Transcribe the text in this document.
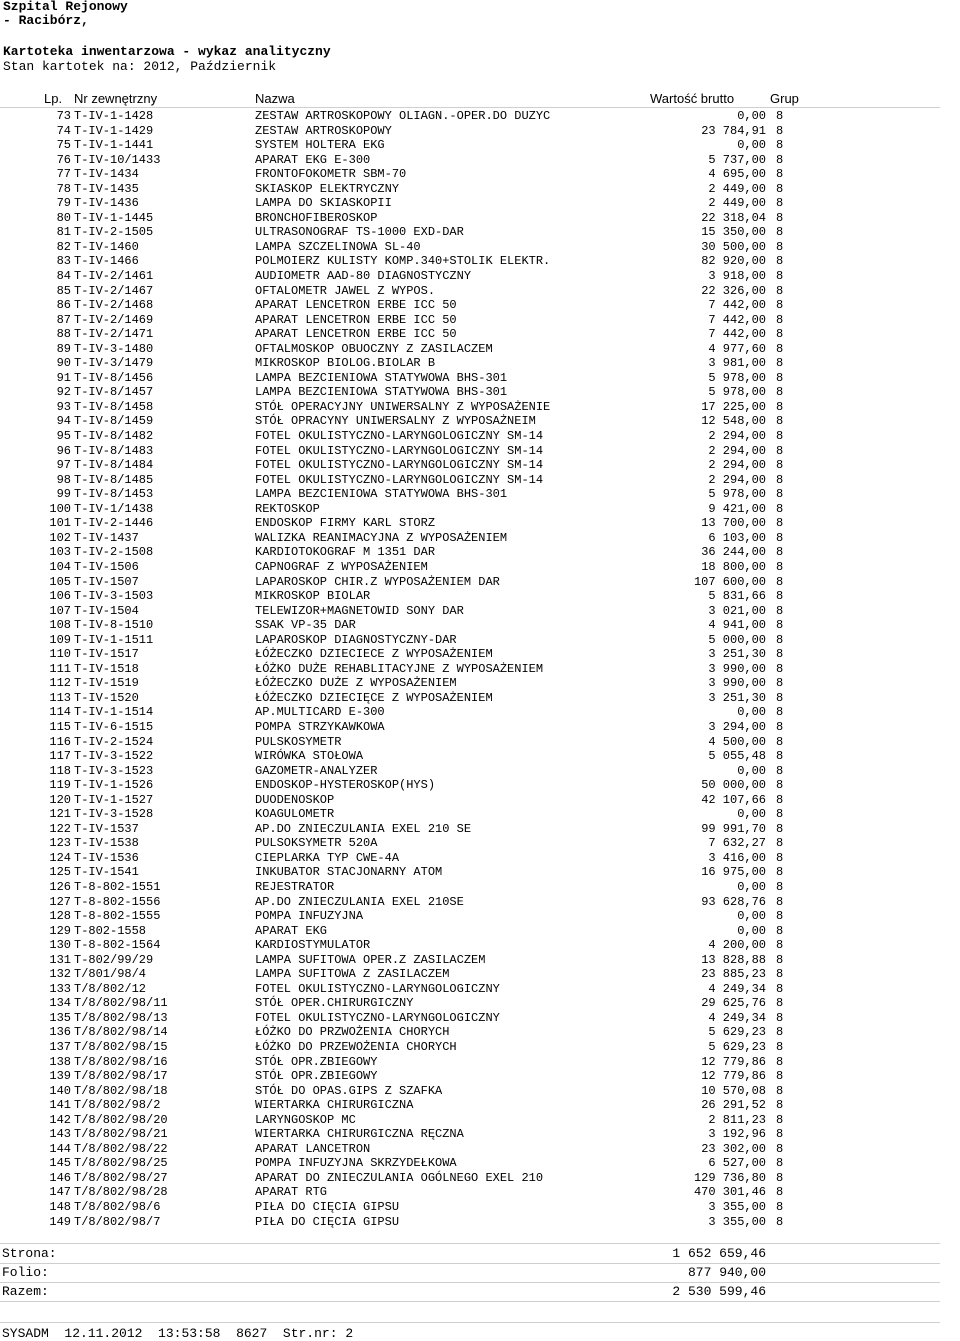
Szpital Rejonowy
- Racibórz,
Kartoteka inwentarzowa - wykaz analityczny
Stan kartotek na: 2012, Październik
Lp. Nr zewnętrzny	Nazwa	Wartość brutto	Grup
73 T-IV-1-1428	ZESTAW ARTROSKOPOWY OLIAGN.-OPER.DO DUZYC	0,00 8
74 T-IV-1-1429	ZESTAW ARTROSKOPOWY	23 784,91 8
75 T-IV-1-1441	SYSTEM HOLTERA EKG	0,00 8
76 T-IV-10/1433	APARAT EKG E-300	5 737,00 8
77 T-IV-1434	FRONTOFOKOMETR SBM-70	4 695,00 8
78 T-IV-1435	SKIASKOP ELEKTRYCZNY	2 449,00 8
79 T-IV-1436	LAMPA DO SKIASKOPII	2 449,00 8
80 T-IV-1-1445	BRONCHOFIBEROSKOP	22 318,04 8
81 T-IV-2-1505	ULTRASONOGRAF TS-1000 EXD-DAR	15 350,00 8
82 T-IV-1460	LAMPA SZCZELINOWA SL-40	30 500,00 8
83 T-IV-1466	POLMOIERZ KULISTY KOMP.340+STOLIK ELEKTR.	82 920,00 8
84 T-IV-2/1461	AUDIOMETR AAD-80 DIAGNOSTYCZNY	3 918,00 8
85 T-IV-2/1467	OFTALOMETR JAWEL Z WYPOS.	22 326,00 8
86 T-IV-2/1468	APARAT LENCETRON ERBE ICC 50	7 442,00 8
87 T-IV-2/1469	APARAT LENCETRON ERBE ICC 50	7 442,00 8
88 T-IV-2/1471	APARAT LENCETRON ERBE ICC 50	7 442,00 8
89 T-IV-3-1480	OFTALMOSKOP OBUOCZNY Z ZASILACZEM	4 977,60 8
90 T-IV-3/1479	MIKROSKOP BIOLOG.BIOLAR B	3 981,00 8
91 T-IV-8/1456	LAMPA BEZCIENIOWA STATYWOWA BHS-301	5 978,00 8
92 T-IV-8/1457	LAMPA BEZCIENIOWA STATYWOWA BHS-301	5 978,00 8
93 T-IV-8/1458	STÓŁ OPERACYJNY UNIWERSALNY Z WYPOSAŻENIE	17 225,00 8
94 T-IV-8/1459	STÓŁ OPRACYNY UNIWERSALNY Z WYPOSAŻNEIM	12 548,00 8
95 T-IV-8/1482	FOTEL OKULISTYCZNO-LARYNGOLOGICZNY SM-14	2 294,00 8
96 T-IV-8/1483	FOTEL OKULISTYCZNO-LARYNGOLOGICZNY SM-14	2 294,00 8
97 T-IV-8/1484	FOTEL OKULISTYCZNO-LARYNGOLOGICZNY SM-14	2 294,00 8
98 T-IV-8/1485	FOTEL OKULISTYCZNO-LARYNGOLOGICZNY SM-14	2 294,00 8
99 T-IV-8/1453	LAMPA BEZCIENIOWA STATYWOWA BHS-301	5 978,00 8
100 T-IV-1/1438	REKTOSKOP	9 421,00 8
101 T-IV-2-1446	ENDOSKOP FIRMY KARL STORZ	13 700,00 8
102 T-IV-1437	WALIZKA REANIMACYJNA Z WYPOSAŻENIEM	6 103,00 8
103 T-IV-2-1508	KARDIOTOKOGRAF M 1351 DAR	36 244,00 8
104 T-IV-1506	CAPNOGRAF Z WYPOSAŻENIEM	18 800,00 8
105 T-IV-1507	LAPAROSKOP CHIR.Z WYPOSAŻENIEM DAR	107 600,00 8
106 T-IV-3-1503	MIKROSKOP BIOLAR	5 831,66 8
107 T-IV-1504	TELEWIZOR+MAGNETOWID SONY DAR	3 021,00 8
108 T-IV-8-1510	SSAK VP-35 DAR	4 941,00 8
109 T-IV-1-1511	LAPAROSKOP DIAGNOSTYCZNY-DAR	5 000,00 8
110 T-IV-1517	ŁÓŻECZKO DZIECIECE Z WYPOSAŻENIEM	3 251,30 8
111 T-IV-1518	ŁÓŻKO DUŻE REHABLITACYJNE Z WYPOSAŻENIEM	3 990,00 8
112 T-IV-1519	ŁÓŻECZKO DUŻE Z WYPOSAŻENIEM	3 990,00 8
113 T-IV-1520	ŁÓŻECZKO DZIECIĘCE Z WYPOSAŻENIEM	3 251,30 8
114 T-IV-1-1514	AP.MULTICARD E-300	0,00 8
115 T-IV-6-1515	POMPA STRZYKAWKOWA	3 294,00 8
116 T-IV-2-1524	PULSKOSYMETR	4 500,00 8
117 T-IV-3-1522	WIRÓWKA STOŁOWA	5 055,48 8
118 T-IV-3-1523	GAZOMETR-ANALYZER	0,00 8
119 T-IV-1-1526	ENDOSKOP-HYSTEROSKOP(HYS)	50 000,00 8
120 T-IV-1-1527	DUODENOSKOP	42 107,66 8
121 T-IV-3-1528	KOAGULOMETR	0,00 8
122 T-IV-1537	AP.DO ZNIECZULANIA EXEL 210 SE	99 991,70 8
123 T-IV-1538	PULSOKSYMETR 520A	7 632,27 8
124 T-IV-1536	CIEPLARKA TYP CWE-4A	3 416,00 8
125 T-IV-1541	INKUBATOR STACJONARNY ATOM	16 975,00 8
126 T-8-802-1551	REJESTRATOR	0,00 8
127 T-8-802-1556	AP.DO ZNIECZULANIA EXEL 210SE	93 628,76 8
128 T-8-802-1555	POMPA INFUZYJNA	0,00 8
129 T-802-1558	APARAT EKG	0,00 8
130 T-8-802-1564	KARDIOSTYMULATOR	4 200,00 8
131 T-802/99/29	LAMPA SUFITOWA OPER.Z ZASILACZEM	13 828,88 8
132 T/801/98/4	LAMPA SUFITOWA Z ZASILACZEM	23 885,23 8
133 T/8/802/12	FOTEL OKULISTYCZNO-LARYNGOLOGICZNY	4 249,34 8
134 T/8/802/98/11	STÓŁ OPER.CHIRURGICZNY	29 625,76 8
135 T/8/802/98/13	FOTEL OKULISTYCZNO-LARYNGOLOGICZNY	4 249,34 8
136 T/8/802/98/14	ŁÓŻKO DO PRZWOŻENIA CHORYCH	5 629,23 8
137 T/8/802/98/15	ŁÓŻKO DO PRZEWOŻENIA CHORYCH	5 629,23 8
138 T/8/802/98/16	STÓŁ OPR.ZBIEGOWY	12 779,86 8
139 T/8/802/98/17	STÓŁ OPR.ZBIEGOWY	12 779,86 8
140 T/8/802/98/18	STÓŁ DO OPAS.GIPS Z SZAFKA	10 570,08 8
141 T/8/802/98/2	WIERTARKA CHIRURGICZNA	26 291,52 8
142 T/8/802/98/20	LARYNGOSKOP MC	2 811,23 8
143 T/8/802/98/21	WIERTARKA CHIRURGICZNA RĘCZNA	3 192,96 8
144 T/8/802/98/22	APARAT LANCETRON	23 302,00 8
145 T/8/802/98/25	POMPA INFUZYJNA SKRZYDEŁKOWA	6 527,00 8
146 T/8/802/98/27	APARAT DO ZNIECZULANIA OGÓLNEGO EXEL 210	129 736,80 8
147 T/8/802/98/28	APARAT RTG	470 301,46 8
148 T/8/802/98/6	PIŁA DO CIĘCIA GIPSU	3 355,00 8
149 T/8/802/98/7	PIŁA DO CIĘCIA GIPSU	3 355,00 8
Strona:	1 652 659,46
Folio:	877 940,00
Razem:	2 530 599,46
SYSADM 12.11.2012 13:53:58 8627 Str.nr: 2
